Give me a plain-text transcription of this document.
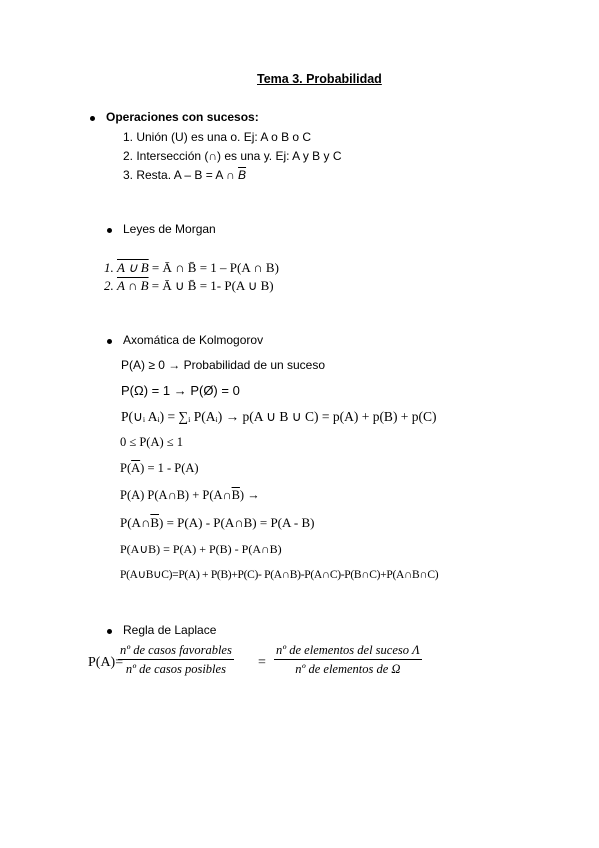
Tema 3. Probabilidad
Operaciones con sucesos:
1. Unión (U) es una o. Ej: A o B o C
2. Intersección (∩) es una y. Ej: A y B y C
3. Resta. A – B = A ∩ $\overline{B}$
Leyes de Morgan
1. A ∪ B = Ā ∩ B̄ = 1 – P(A ∩ B)
2. A ∩ B = Ā ∪ B̄ = 1- P(A ∪ B)
Axomática de Kolmogorov
P(A) ≥ 0 → Probabilidad de un suceso
P(Ω) = 1 → P(Ø) = 0
P(∪ᵢ Aᵢ) = ∑ᵢ P(Aᵢ) → p(A ∪ B ∪ C) = p(A) + p(B) + p(C)
0 ≤ P(A) ≤ 1
$P(\overline{A}) = 1 - P(A)$
P(A) P(A∩B) + $P(A\cap\overline{B})$ →
$P(A\cap\overline{B}) = P(A)$ - P(A∩B) = P(A - B)
P(A∪B) = P(A) + P(B) - P(A∩B)
P(A∪B∪C)=P(A) + P(B)+P(C)- P(A∩B)-P(A∩C)-P(B∩C)+P(A∩B∩C)
Regla de Laplace
P(A)=
nº de casos favorables
nº de casos posibles	=
nº de elementos del suceso Λ
nº de elementos de Ω
